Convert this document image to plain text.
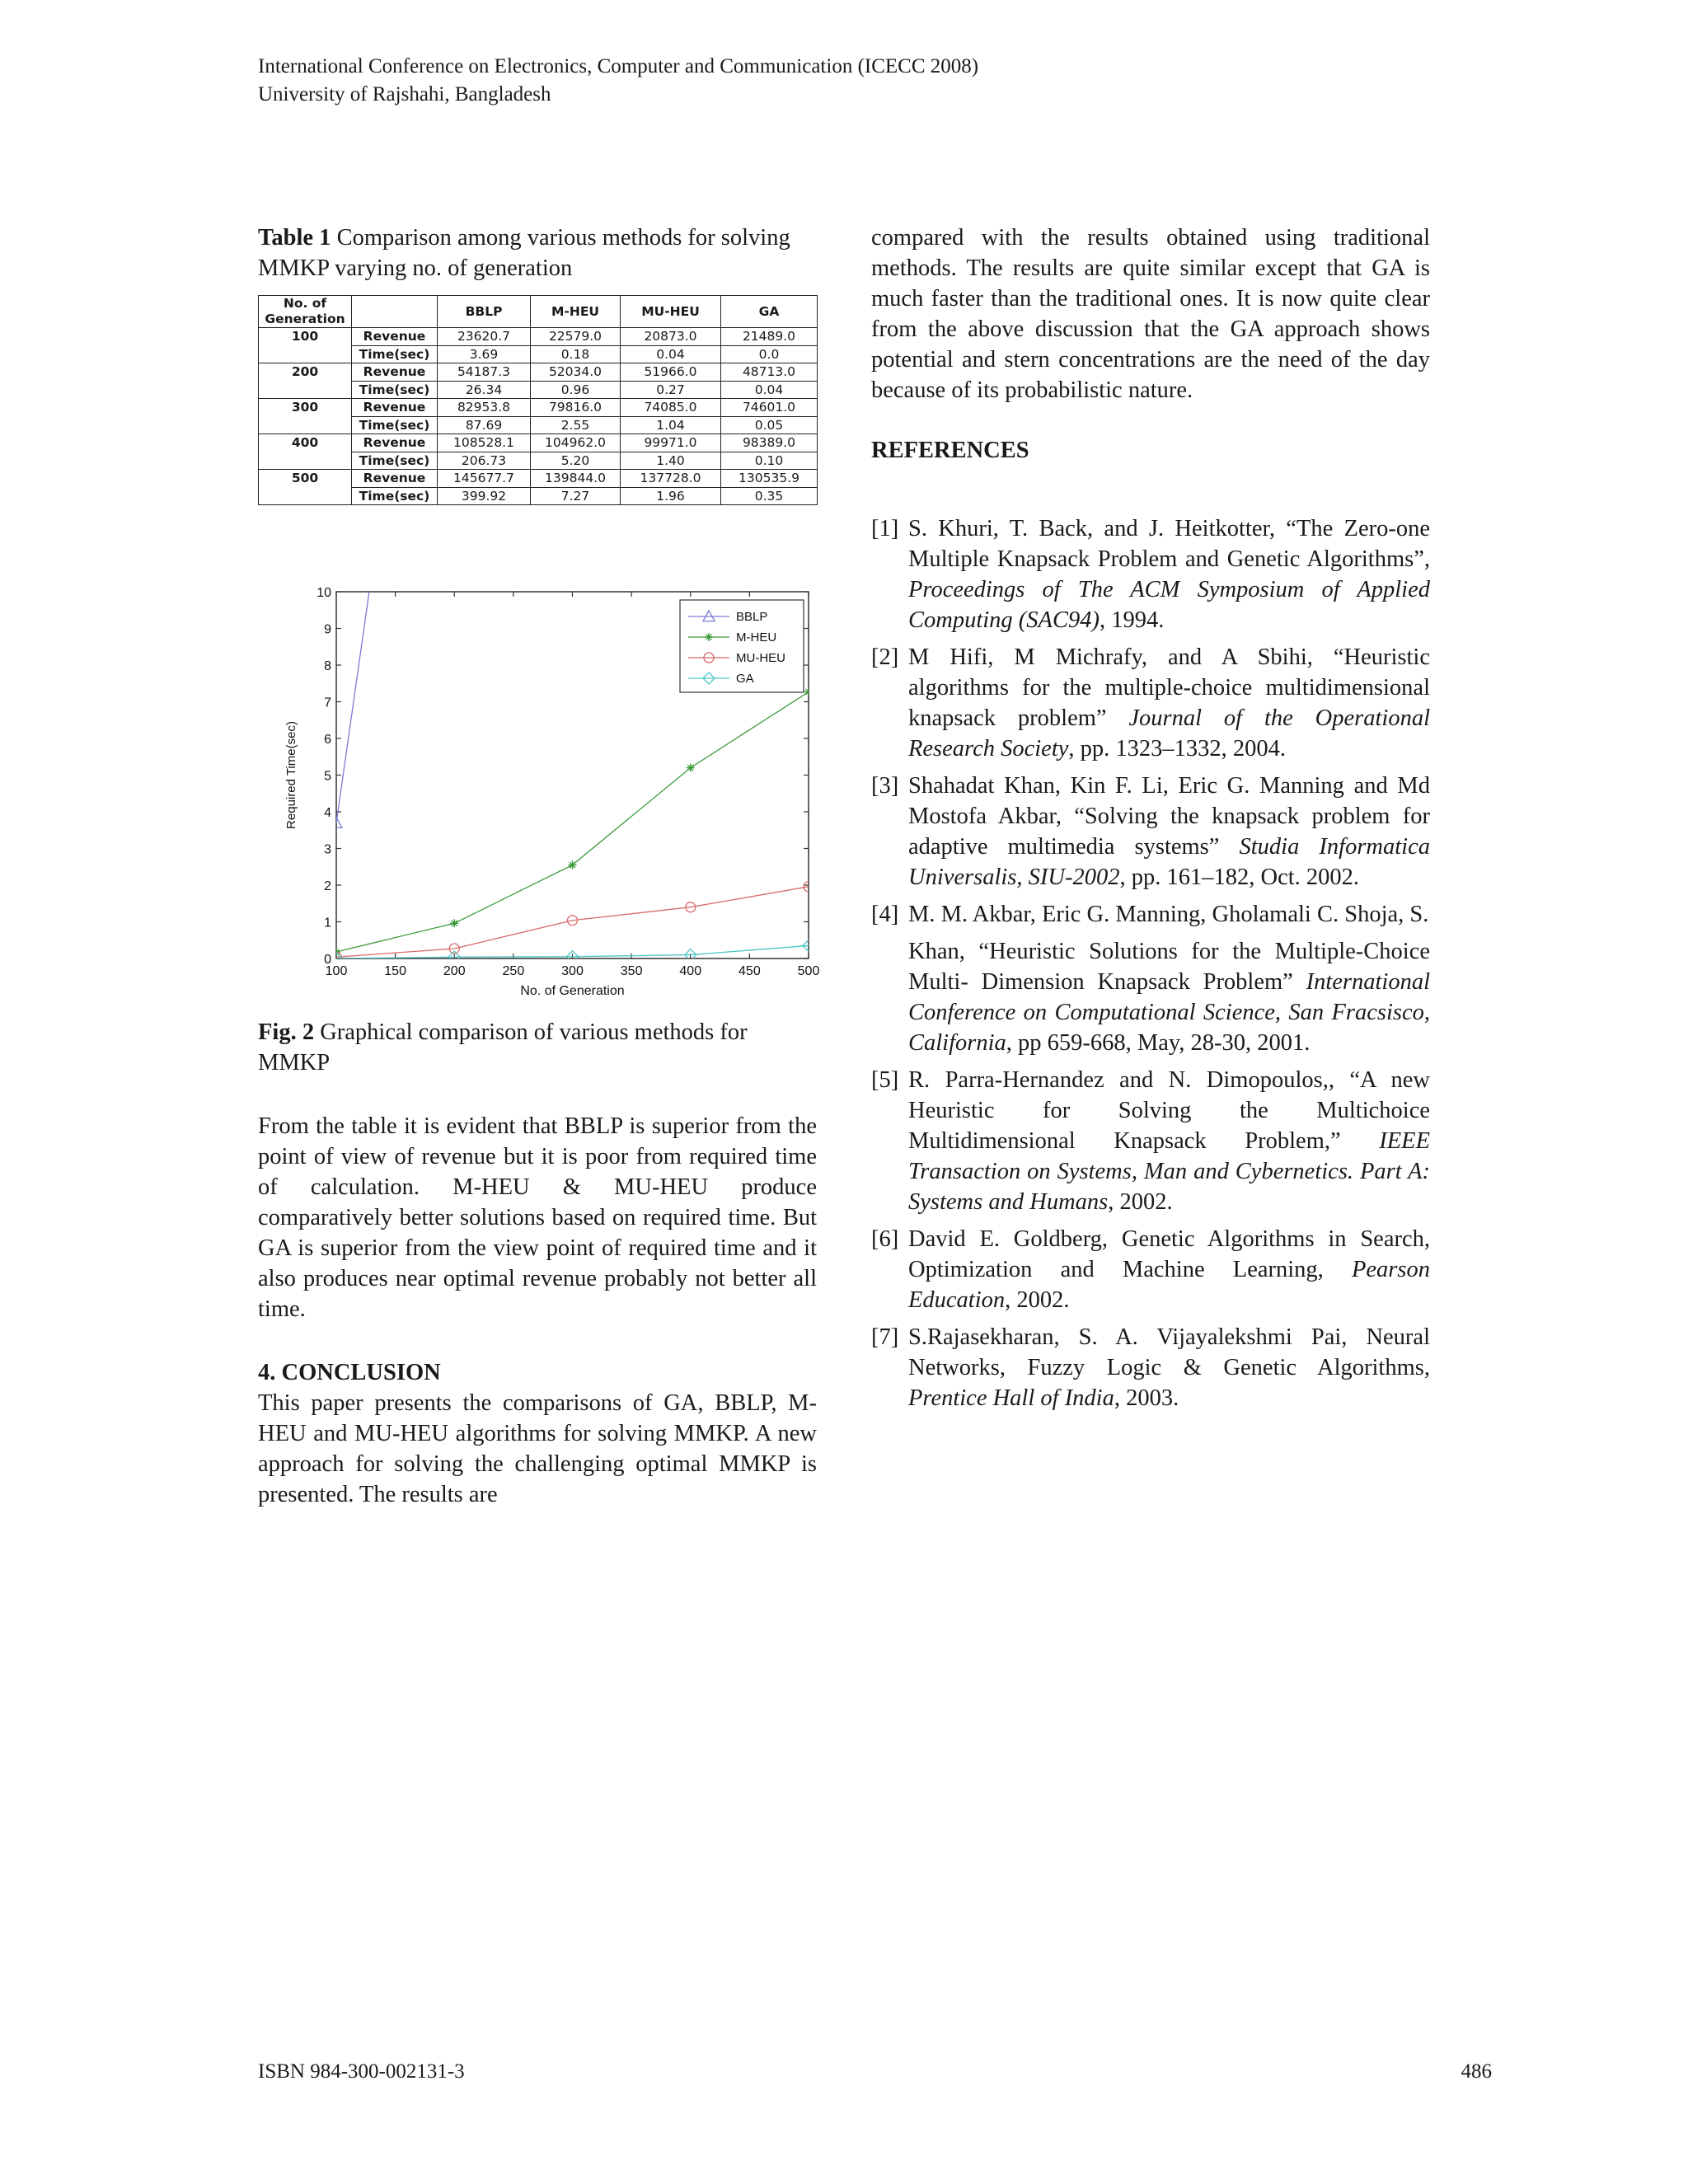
International Conference on Electronics, Computer and Communication (ICECC 2008)
University of Rajshahi, Bangladesh

Table 1 Comparison among various methods for solving MMKP varying no. of generation

No. of Generation		BBLP	M-HEU	MU-HEU	GA
100	Revenue	23620.7	22579.0	20873.0	21489.0
	Time(sec)	3.69	0.18	0.04	0.0
200	Revenue	54187.3	52034.0	51966.0	48713.0
	Time(sec)	26.34	0.96	0.27	0.04
300	Revenue	82953.8	79816.0	74085.0	74601.0
	Time(sec)	87.69	2.55	1.04	0.05
400	Revenue	108528.1	104962.0	99971.0	98389.0
	Time(sec)	206.73	5.20	1.40	0.10
500	Revenue	145677.7	139844.0	137728.0	130535.9
	Time(sec)	399.92	7.27	1.96	0.35
0
1
2
3
4
5
6
7
8
9
10
100	150	200	250	300	350	400	450	500
No. of Generation
Required Time(sec)
BBLP
M-HEU
MU-HEU
GA

Fig. 2 Graphical comparison of various methods for MMKP

From the table it is evident that BBLP is superior from the point of view of revenue but it is poor from required time of calculation. M-HEU & MU-HEU produce comparatively better solutions based on required time. But GA is superior from the view point of required time and it also produces near optimal revenue probably not better all time.

4. CONCLUSION

This paper presents the comparisons of GA, BBLP, M-HEU and MU-HEU algorithms for solving MMKP. A new approach for solving the challenging optimal MMKP is presented. The results are

compared with the results obtained using traditional methods. The results are quite similar except that GA is much faster than the traditional ones. It is now quite clear from the above discussion that the GA approach shows potential and stern concentrations are the need of the day because of its probabilistic nature.

REFERENCES

[1] S. Khuri, T. Back, and J. Heitkotter, “The Zero-one Multiple Knapsack Problem and Genetic Algorithms”, Proceedings of The ACM Symposium of Applied Computing (SAC94), 1994.
[2] M Hifi, M Michrafy, and A Sbihi, “Heuristic algorithms for the multiple-choice multidimensional knapsack problem” Journal of the Operational Research Society, pp. 1323–1332, 2004.
[3] Shahadat Khan, Kin F. Li, Eric G. Manning and Md Mostofa Akbar, “Solving the knapsack problem for adaptive multimedia systems” Studia Informatica Universalis, SIU-2002, pp. 161–182, Oct. 2002.
[4] M. M. Akbar, Eric G. Manning, Gholamali C. Shoja, S.
Khan, “Heuristic Solutions for the Multiple-Choice Multi- Dimension Knapsack Problem” International Conference on Computational Science, San Fracsisco, California, pp 659-668, May, 28-30, 2001.
[5] R. Parra-Hernandez and N. Dimopoulos,, “A new Heuristic for Solving the Multichoice Multidimensional Knapsack Problem,” IEEE Transaction on Systems, Man and Cybernetics. Part A: Systems and Humans, 2002.
[6] David E. Goldberg, Genetic Algorithms in Search, Optimization and Machine Learning, Pearson Education, 2002.
[7] S.Rajasekharan, S. A. Vijayalekshmi Pai, Neural Networks, Fuzzy Logic & Genetic Algorithms, Prentice Hall of India, 2003.
ISBN 984-300-002131-3	486
